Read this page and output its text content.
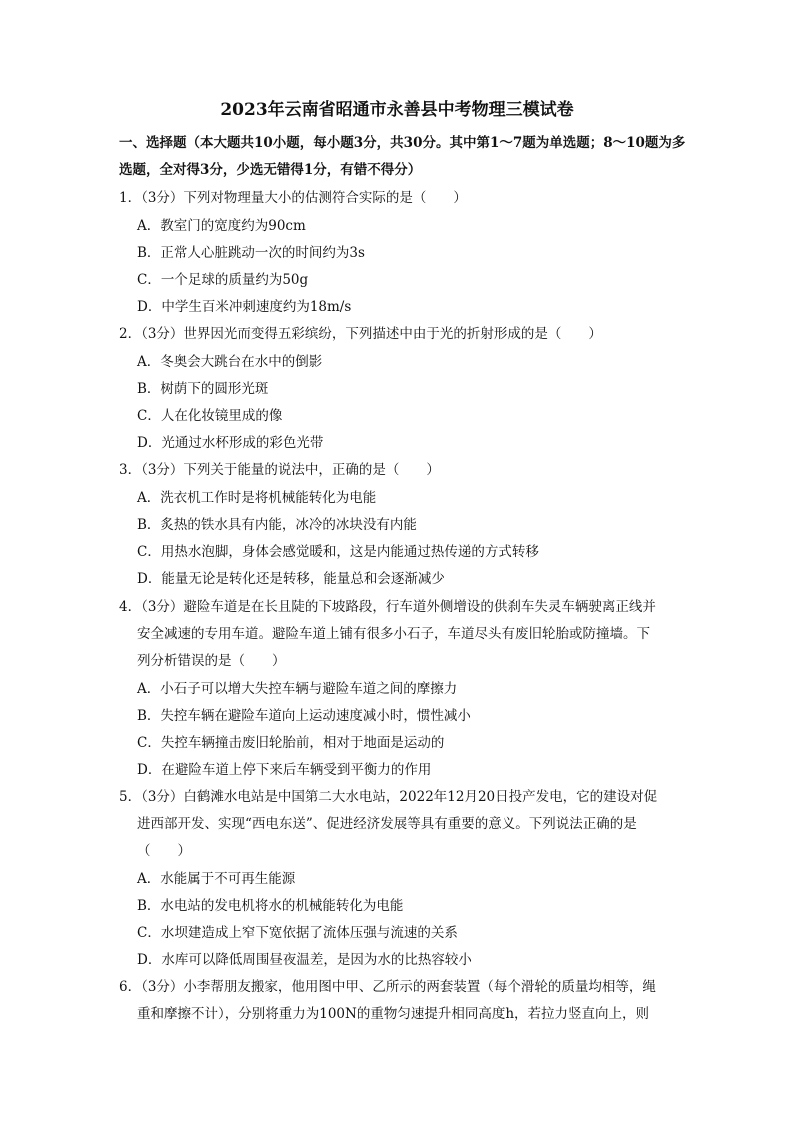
2023年云南省昭通市永善县中考物理三模试卷
一、选择题（本大题共10小题，每小题3分，共30分。其中第1～7题为单选题；8～10题为多选题，全对得3分，少选无错得1分，有错不得分）
1．（3分）下列对物理量大小的估测符合实际的是（　　）
A．教室门的宽度约为90cm
B．正常人心脏跳动一次的时间约为3s
C．一个足球的质量约为50g
D．中学生百米冲刺速度约为18m/s
2．（3分）世界因光而变得五彩缤纷，下列描述中由于光的折射形成的是（　　）
A．冬奥会大跳台在水中的倒影
B．树荫下的圆形光斑
C．人在化妆镜里成的像
D．光通过水杯形成的彩色光带
3．（3分）下列关于能量的说法中，正确的是（　　）
A．洗衣机工作时是将机械能转化为电能
B．炙热的铁水具有内能，冰冷的冰块没有内能
C．用热水泡脚，身体会感觉暖和，这是内能通过热传递的方式转移
D．能量无论是转化还是转移，能量总和会逐渐减少
4．（3分）避险车道是在长且陡的下坡路段，行车道外侧增设的供刹车失灵车辆驶离正线并
安全减速的专用车道。避险车道上铺有很多小石子，车道尽头有废旧轮胎或防撞墙。下
列分析错误的是（　　）
A．小石子可以增大失控车辆与避险车道之间的摩擦力
B．失控车辆在避险车道向上运动速度减小时，惯性减小
C．失控车辆撞击废旧轮胎前，相对于地面是运动的
D．在避险车道上停下来后车辆受到平衡力的作用
5．（3分）白鹤滩水电站是中国第二大水电站，2022年12月20日投产发电，它的建设对促
进西部开发、实现“西电东送”、促进经济发展等具有重要的意义。下列说法正确的是
（　　）
A．水能属于不可再生能源
B．水电站的发电机将水的机械能转化为电能
C．水坝建造成上窄下宽依据了流体压强与流速的关系
D．水库可以降低周围昼夜温差，是因为水的比热容较小
6．（3分）小李帮朋友搬家，他用图中甲、乙所示的两套装置（每个滑轮的质量均相等，绳
重和摩擦不计），分别将重力为100N的重物匀速提升相同高度h，若拉力竖直向上，则
